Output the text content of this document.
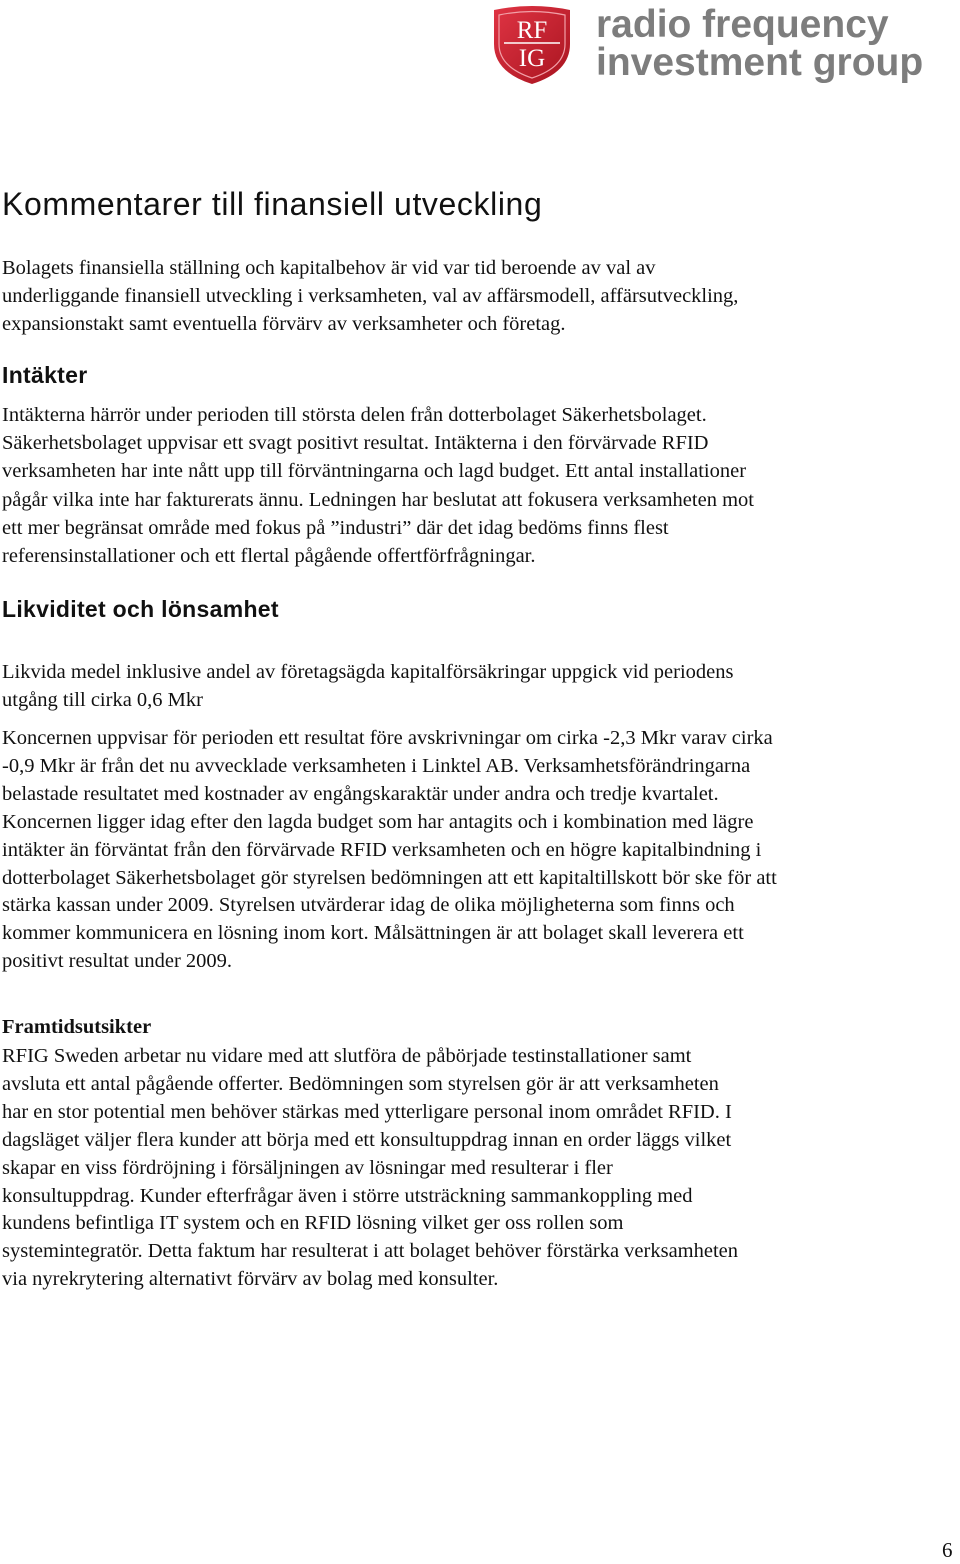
RF
IG
radio frequency
investment group
Kommentarer till finansiell utveckling
Bolagets finansiella ställning och kapitalbehov är vid var tid beroende av val av
underliggande finansiell utveckling i verksamheten, val av affärsmodell, affärsutveckling,
expansionstakt samt eventuella förvärv av verksamheter och företag.
Intäkter
Intäkterna härrör under perioden till största delen från dotterbolaget Säkerhetsbolaget.
Säkerhetsbolaget uppvisar ett svagt positivt resultat. Intäkterna i den förvärvade RFID
verksamheten har inte nått upp till förväntningarna och lagd budget. Ett antal installationer
pågår vilka inte har fakturerats ännu. Ledningen har beslutat att fokusera verksamheten mot
ett mer begränsat område med fokus på ”industri” där det idag bedöms finns flest
referensinstallationer och ett flertal pågående offertförfrågningar.
Likviditet och lönsamhet
Likvida medel inklusive andel av företagsägda kapitalförsäkringar uppgick vid periodens
utgång till cirka 0,6 Mkr
Koncernen uppvisar för perioden ett resultat före avskrivningar om cirka -2,3 Mkr varav cirka
-0,9 Mkr är från det nu avvecklade verksamheten i Linktel AB. Verksamhetsförändringarna
belastade resultatet med kostnader av engångskaraktär under andra och tredje kvartalet.
Koncernen ligger idag efter den lagda budget som har antagits och i kombination med lägre
intäkter än förväntat från den förvärvade RFID verksamheten och en högre kapitalbindning i
dotterbolaget Säkerhetsbolaget gör styrelsen bedömningen att ett kapitaltillskott bör ske för att
stärka kassan under 2009. Styrelsen utvärderar idag de olika möjligheterna som finns och
kommer kommunicera en lösning inom kort. Målsättningen är att bolaget skall leverera ett
positivt resultat under 2009.
Framtidsutsikter
RFIG Sweden arbetar nu vidare med att slutföra de påbörjade testinstallationer samt
avsluta ett antal pågående offerter. Bedömningen som styrelsen gör är att verksamheten
har en stor potential men behöver stärkas med ytterligare personal inom området RFID. I
dagsläget väljer flera kunder att börja med ett konsultuppdrag innan en order läggs vilket
skapar en viss fördröjning i försäljningen av lösningar med resulterar i fler
konsultuppdrag. Kunder efterfrågar även i större utsträckning sammankoppling med
kundens befintliga IT system och en RFID lösning vilket ger oss rollen som
systemintegratör. Detta faktum har resulterat i att bolaget behöver förstärka verksamheten
via nyrekrytering alternativt förvärv av bolag med konsulter.
6
